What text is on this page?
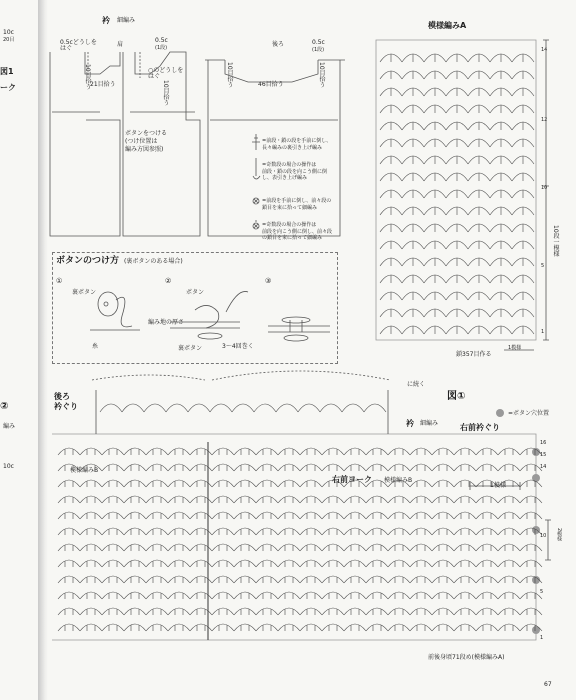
10c
20目
図1
ーク
②
編み
10c
衿 細編み
0.5cどうしを
はぐ
肩
0.5c
(1段)
10目拾う 21目拾う
○のどうしを
はぐ
10目拾う
ボタンをつける
(つけ位置は
編み方図参照)
後ろ	0.5c
(1段)
10目拾う	46目拾う	10目拾う
=前段・鎖の段を手前に倒し、
長々編みの裏引き上げ編み
=奇数段の場合の操作は
前段・鎖の段を向こう側に倒
し、表引き上げ編み
=前段を手前に倒し、前々段の
鎖目を束に拾って細編み
=奇数段の場合の操作は
前段を向こう側に倒し、前々段
の鎖目を束に拾って細編み
ボタンのつけ方 (裏ボタンのある場合)
①	②	③
裏ボタン
糸
ボタン
編み地の厚さ
裏ボタン	3〜4回巻く
模様編みA
10段一模様
鎖357目作る
1模様
14
12
10
5
1
図①
後ろ
衿ぐり
に続く
衿 細編み	右前衿ぐり
=ボタン穴位置
模様編みB
右前ヨーク 模様編みB
1模様
2模様
前後身頃71段め(模様編みA)
16
15
14
10
5
1
67
